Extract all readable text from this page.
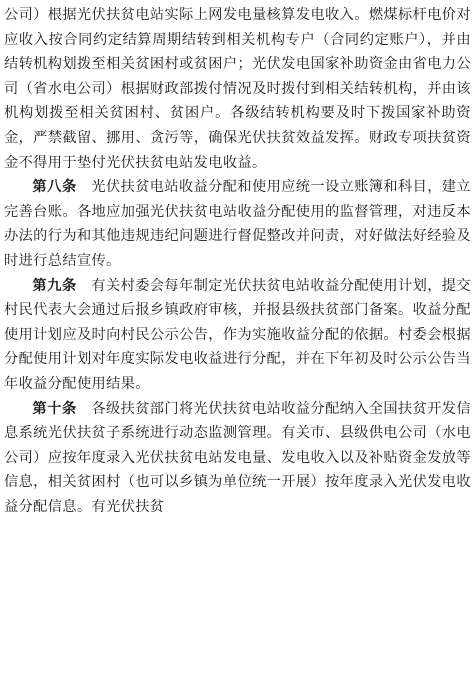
公司）根据光伏扶贫电站实际上网发电量核算发电收入。燃煤标杆电价对应收入按合同约定结算周期结转到相关机构专户（合同约定账户），并由结转机构划拨至相关贫困村或贫困户；光伏发电国家补助资金由省电力公司（省水电公司）根据财政部拨付情况及时拨付到相关结转机构，并由该机构划拨至相关贫困村、贫困户。各级结转机构要及时下拨国家补助资金，严禁截留、挪用、贪污等，确保光伏扶贫效益发挥。财政专项扶贫资金不得用于垫付光伏扶贫电站发电收益。

第八条　 光伏扶贫电站收益分配和使用应统一设立账簿和科目，建立完善台账。各地应加强光伏扶贫电站收益分配使用的监督管理，对违反本办法的行为和其他违规违纪问题进行督促整改并问责，对好做法好经验及时进行总结宣传。

第九条　 有关村委会每年制定光伏扶贫电站收益分配使用计划，提交村民代表大会通过后报乡镇政府审核，并报县级扶贫部门备案。收益分配使用计划应及时向村民公示公告，作为实施收益分配的依据。村委会根据分配使用计划对年度实际发电收益进行分配，并在下年初及时公示公告当年收益分配使用结果。

第十条　 各级扶贫部门将光伏扶贫电站收益分配纳入全国扶贫开发信息系统光伏扶贫子系统进行动态监测管理。有关市、县级供电公司（水电公司）应按年度录入光伏扶贫电站发电量、发电收入以及补贴资金发放等信息，相关贫困村（也可以乡镇为单位统一开展）按年度录入光伏发电收益分配信息。有光伏扶贫
